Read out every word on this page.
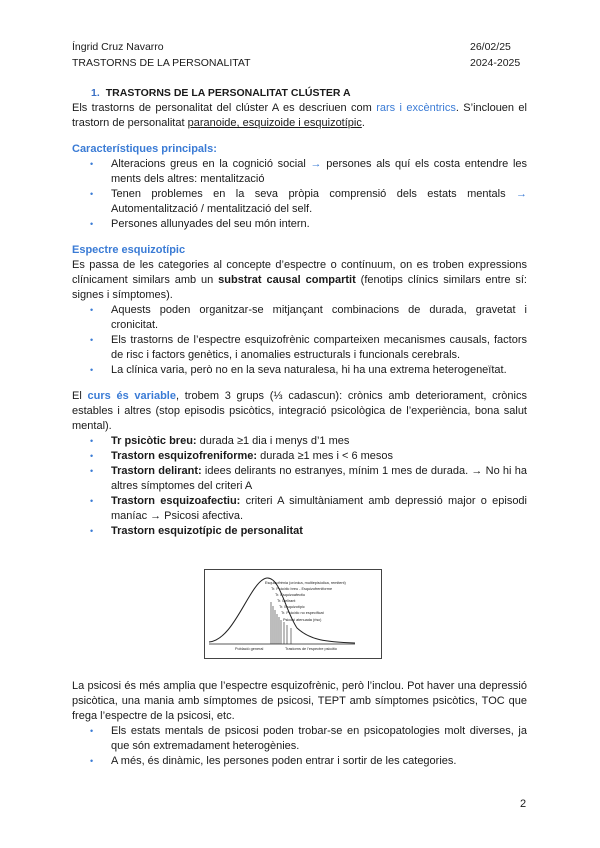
Íngrid Cruz Navarro
TRASTORNS DE LA PERSONALITAT
26/02/25
2024-2025
1. TRASTORNS DE LA PERSONALITAT CLÚSTER A

Els trastorns de personalitat del clúster A es descriuen com rars i excèntrics. S’inclouen el trastorn de personalitat paranoide, esquizoide i esquizotípic.

Característiques principals:
• Alteracions greus en la cognició social → persones als quí els costa entendre les ments dels altres: mentalització
• Tenen problemes en la seva pròpia comprensió dels estats mentals → Automentalització / mentalització del self.
• Persones allunyades del seu món intern.
Espectre esquizotípic

Es passa de les categories al concepte d’espectre o contínuum, on es troben expressions clínicament similars amb un substrat causal compartit (fenotips clínics similars entre sí: signes i símptomes).

• Aquests poden organitzar-se mitjançant combinacions de durada, gravetat i cronicitat.
• Els trastorns de l’espectre esquizofrènic comparteixen mecanismes causals, factors de risc i factors genètics, i anomalies estructurals i funcionals cerebrals.
• La clínica varia, però no en la seva naturalesa, hi ha una extrema heterogeneïtat.

El curs és variable, trobem 3 grups (⅓ cadascun): crònics amb deteriorament, crònics estables i altres (stop episodis psicòtics, integració psicològica de l’experiència, bona salut mental).

• Tr psicòtic breu: durada ≥1 dia i menys d’1 mes
• Trastorn esquizofreniforme: durada ≥1 mes i < 6 mesos
• Trastorn delirant: idees delirants no estranyes, mínim 1 mes de durada. → No hi ha altres símptomes del criteri A
• Trastorn esquizoafectiu: criteri A simultàniament amb depressió major o episodi maníac → Psicosi afectiva.
• Trastorn esquizotípic de personalitat
Esquizofrènia (crònica, multiepisòdica, remitent)
Tr. Psicòtic breu - Esquizofreniforme
Tr. Esquizoafectiu
Tr. Delirant
Tr. Esquizotípic
Tr. Psicòtic no especificat
Psicosi atenuada (risc)
Població general	Trastorns de l’espectre psicòtic

La psicosi és més amplia que l’espectre esquizofrènic, però l’inclou. Pot haver una depressió psicòtica, una mania amb símptomes de psicosi, TEPT amb símptomes psicòtics, TOC que frega l’espectre de la psicosi, etc.

• Els estats mentals de psicosi poden trobar-se en psicopatologies molt diverses, ja que són extremadament heterogènies.
• A més, és dinàmic, les persones poden entrar i sortir de les categories.
2
